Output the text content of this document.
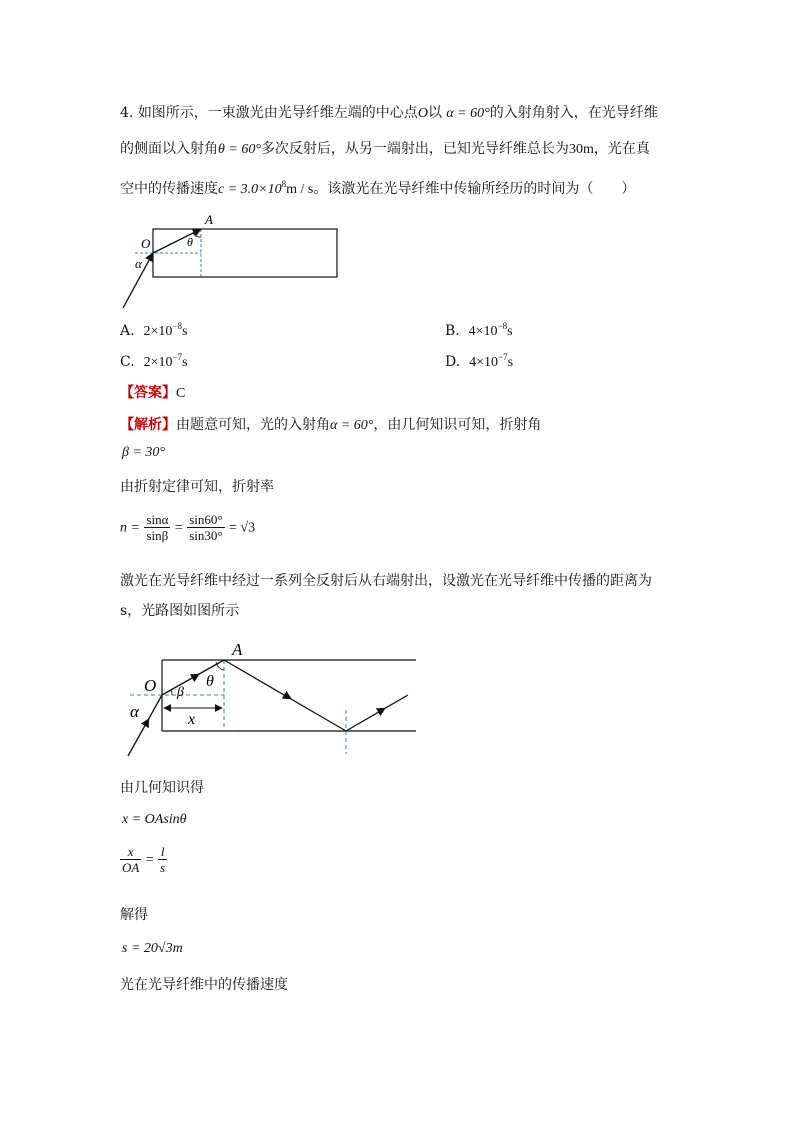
4. 如图所示，一束激光由光导纤维左端的中心点O以 α = 60°的入射角射入，在光导纤维
的侧面以入射角θ = 60°多次反射后，从另一端射出，已知光导纤维总长为30m，光在真
空中的传播速度$c = 3.0\times 10^8m / s$。该激光在光导纤维中传输所经历的时间为（　　）
A
O	θ
α
A. $2\times 10^{-8}s$	B. $4\times 10^{-8}s$
C. $2\times 10^{-7}s$	D. $4\times 10^{-7}s$
【答案】C
【解析】由题意可知，光的入射角α = 60°，由几何知识可知，折射角
β = 30°
由折射定律可知，折射率
$n = \frac{\sin\alpha}{\sin\beta} = \frac{\sin 60^\circ}{\sin 30^\circ} = √3$
激光在光导纤维中经过一系列全反射后从右端射出，设激光在光导纤维中传播的距离为
s，光路图如图所示
A
O	θ
β
α	x
由几何知识得
x = OAsinθ
$\frac{x}{OA} = \frac{l}{s}$
解得
s = 20√3m
光在光导纤维中的传播速度
